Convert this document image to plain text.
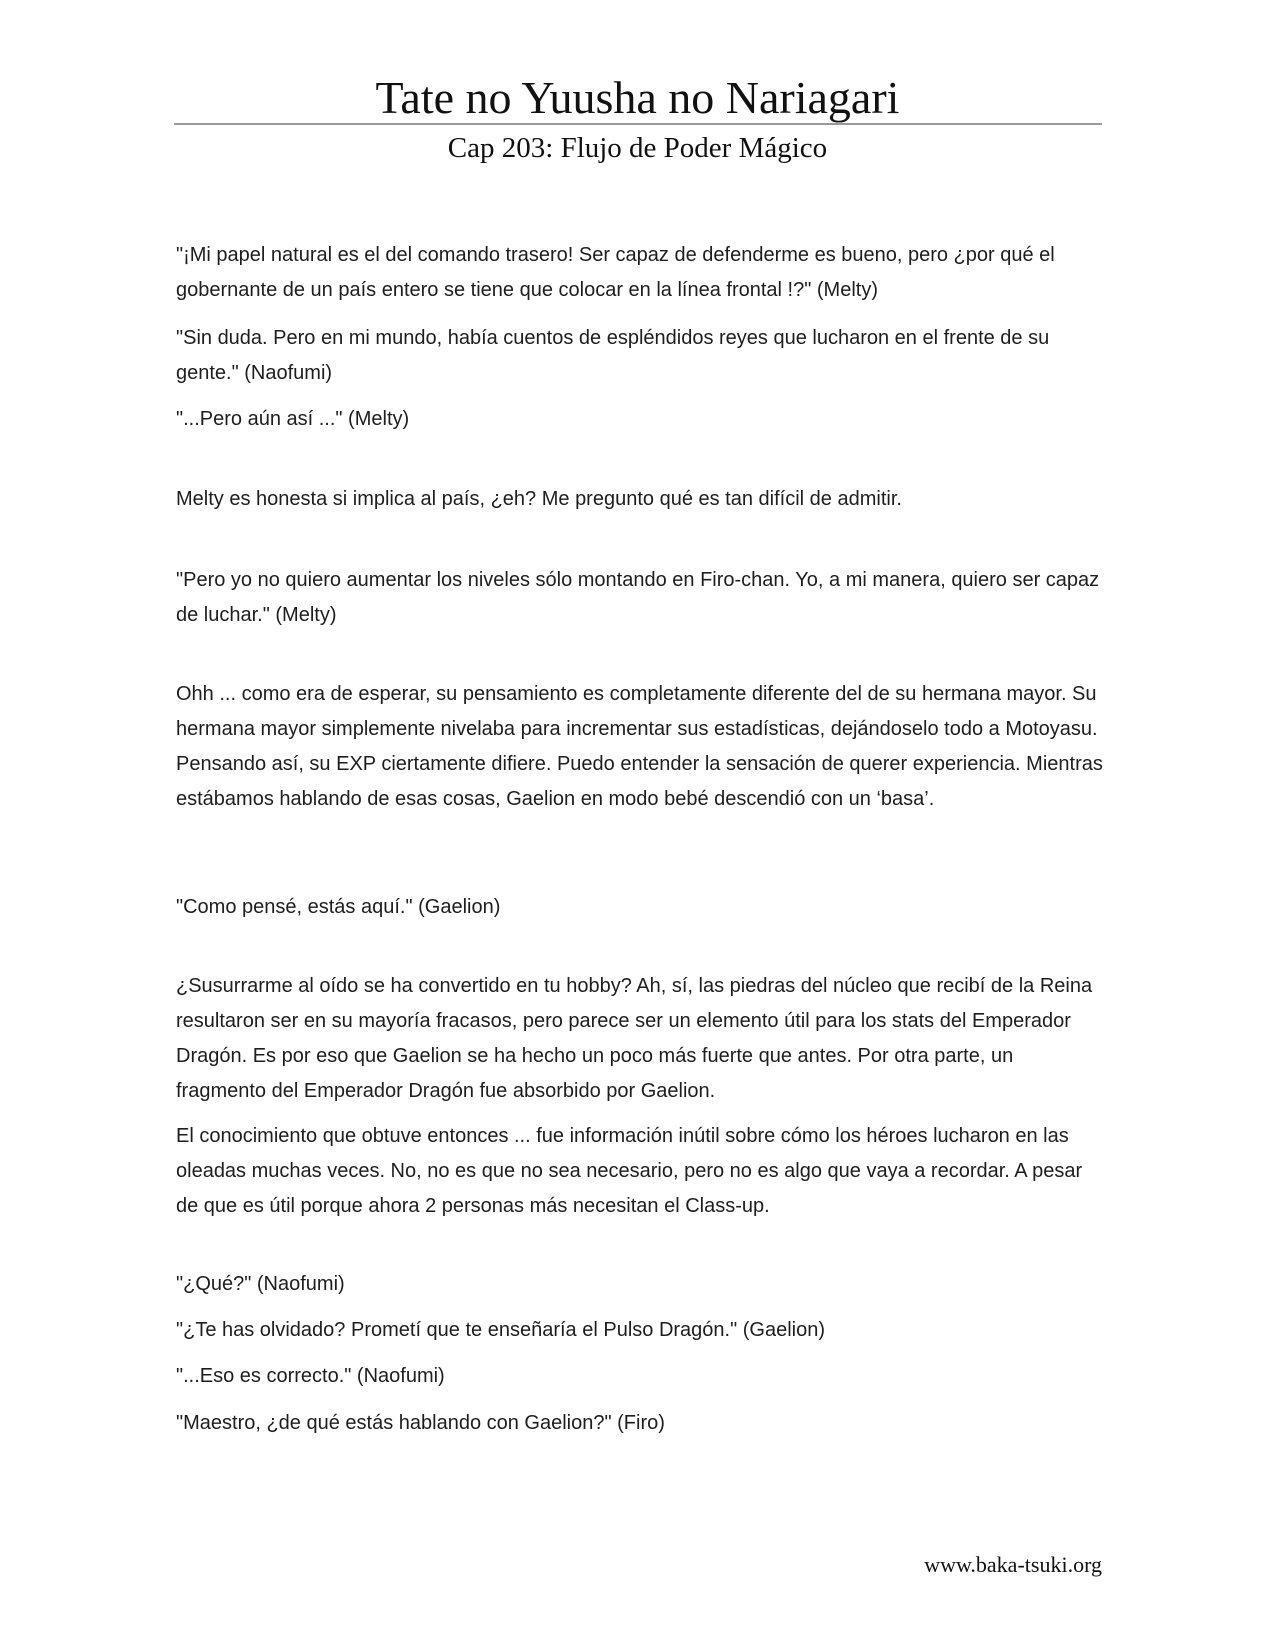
Tate no Yuusha no Nariagari
Cap 203: Flujo de Poder Mágico

"¡Mi papel natural es el del comando trasero! Ser capaz de defenderme es bueno, pero ¿por qué el gobernante de un país entero se tiene que colocar en la línea frontal !?" (Melty)

"Sin duda. Pero en mi mundo, había cuentos de espléndidos reyes que lucharon en el frente de su gente." (Naofumi)

"...Pero aún así ..." (Melty)

Melty es honesta si implica al país, ¿eh? Me pregunto qué es tan difícil de admitir.

"Pero yo no quiero aumentar los niveles sólo montando en Firo-chan. Yo, a mi manera, quiero ser capaz de luchar." (Melty)

Ohh ... como era de esperar, su pensamiento es completamente diferente del de su hermana mayor. Su hermana mayor simplemente nivelaba para incrementar sus estadísticas, dejándoselo todo a Motoyasu. Pensando así, su EXP ciertamente difiere. Puedo entender la sensación de querer experiencia. Mientras estábamos hablando de esas cosas, Gaelion en modo bebé descendió con un ‘basa’.

"Como pensé, estás aquí." (Gaelion)

¿Susurrarme al oído se ha convertido en tu hobby? Ah, sí, las piedras del núcleo que recibí de la Reina resultaron ser en su mayoría fracasos, pero parece ser un elemento útil para los stats del Emperador Dragón. Es por eso que Gaelion se ha hecho un poco más fuerte que antes. Por otra parte, un fragmento del Emperador Dragón fue absorbido por Gaelion.

El conocimiento que obtuve entonces ... fue información inútil sobre cómo los héroes lucharon en las oleadas muchas veces. No, no es que no sea necesario, pero no es algo que vaya a recordar. A pesar de que es útil porque ahora 2 personas más necesitan el Class-up.

"¿Qué?" (Naofumi)

"¿Te has olvidado? Prometí que te enseñaría el Pulso Dragón." (Gaelion)

"...Eso es correcto." (Naofumi)

"Maestro, ¿de qué estás hablando con Gaelion?" (Firo)

www.baka-tsuki.org
